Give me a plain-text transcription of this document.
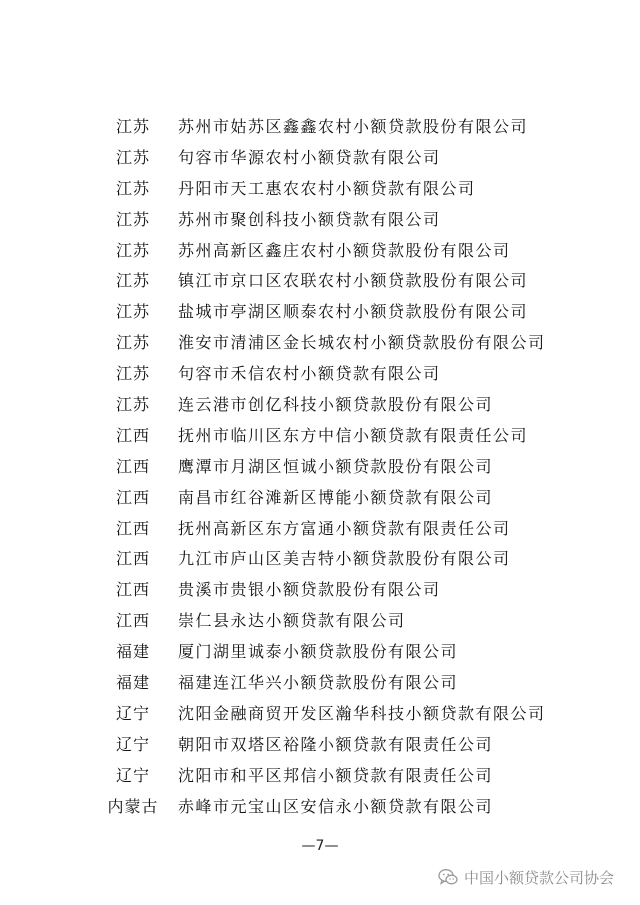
江苏	苏州市姑苏区鑫鑫农村小额贷款股份有限公司
江苏	句容市华源农村小额贷款有限公司
江苏	丹阳市天工惠农农村小额贷款有限公司
江苏	苏州市聚创科技小额贷款有限公司
江苏	苏州高新区鑫庄农村小额贷款股份有限公司
江苏	镇江市京口区农联农村小额贷款股份有限公司
江苏	盐城市亭湖区顺泰农村小额贷款股份有限公司
江苏	淮安市清浦区金长城农村小额贷款股份有限公司
江苏	句容市禾信农村小额贷款有限公司
江苏	连云港市创亿科技小额贷款股份有限公司
江西	抚州市临川区东方中信小额贷款有限责任公司
江西	鹰潭市月湖区恒诚小额贷款股份有限公司
江西	南昌市红谷滩新区博能小额贷款有限公司
江西	抚州高新区东方富通小额贷款有限责任公司
江西	九江市庐山区美吉特小额贷款股份有限公司
江西	贵溪市贵银小额贷款股份有限公司
江西	崇仁县永达小额贷款有限公司
福建	厦门湖里诚泰小额贷款股份有限公司
福建	福建连江华兴小额贷款股份有限公司
辽宁	沈阳金融商贸开发区瀚华科技小额贷款有限公司
辽宁	朝阳市双塔区裕隆小额贷款有限责任公司
辽宁	沈阳市和平区邦信小额贷款有限责任公司
内蒙古 赤峰市元宝山区安信永小额贷款有限公司
—7—
中国小额贷款公司协会
